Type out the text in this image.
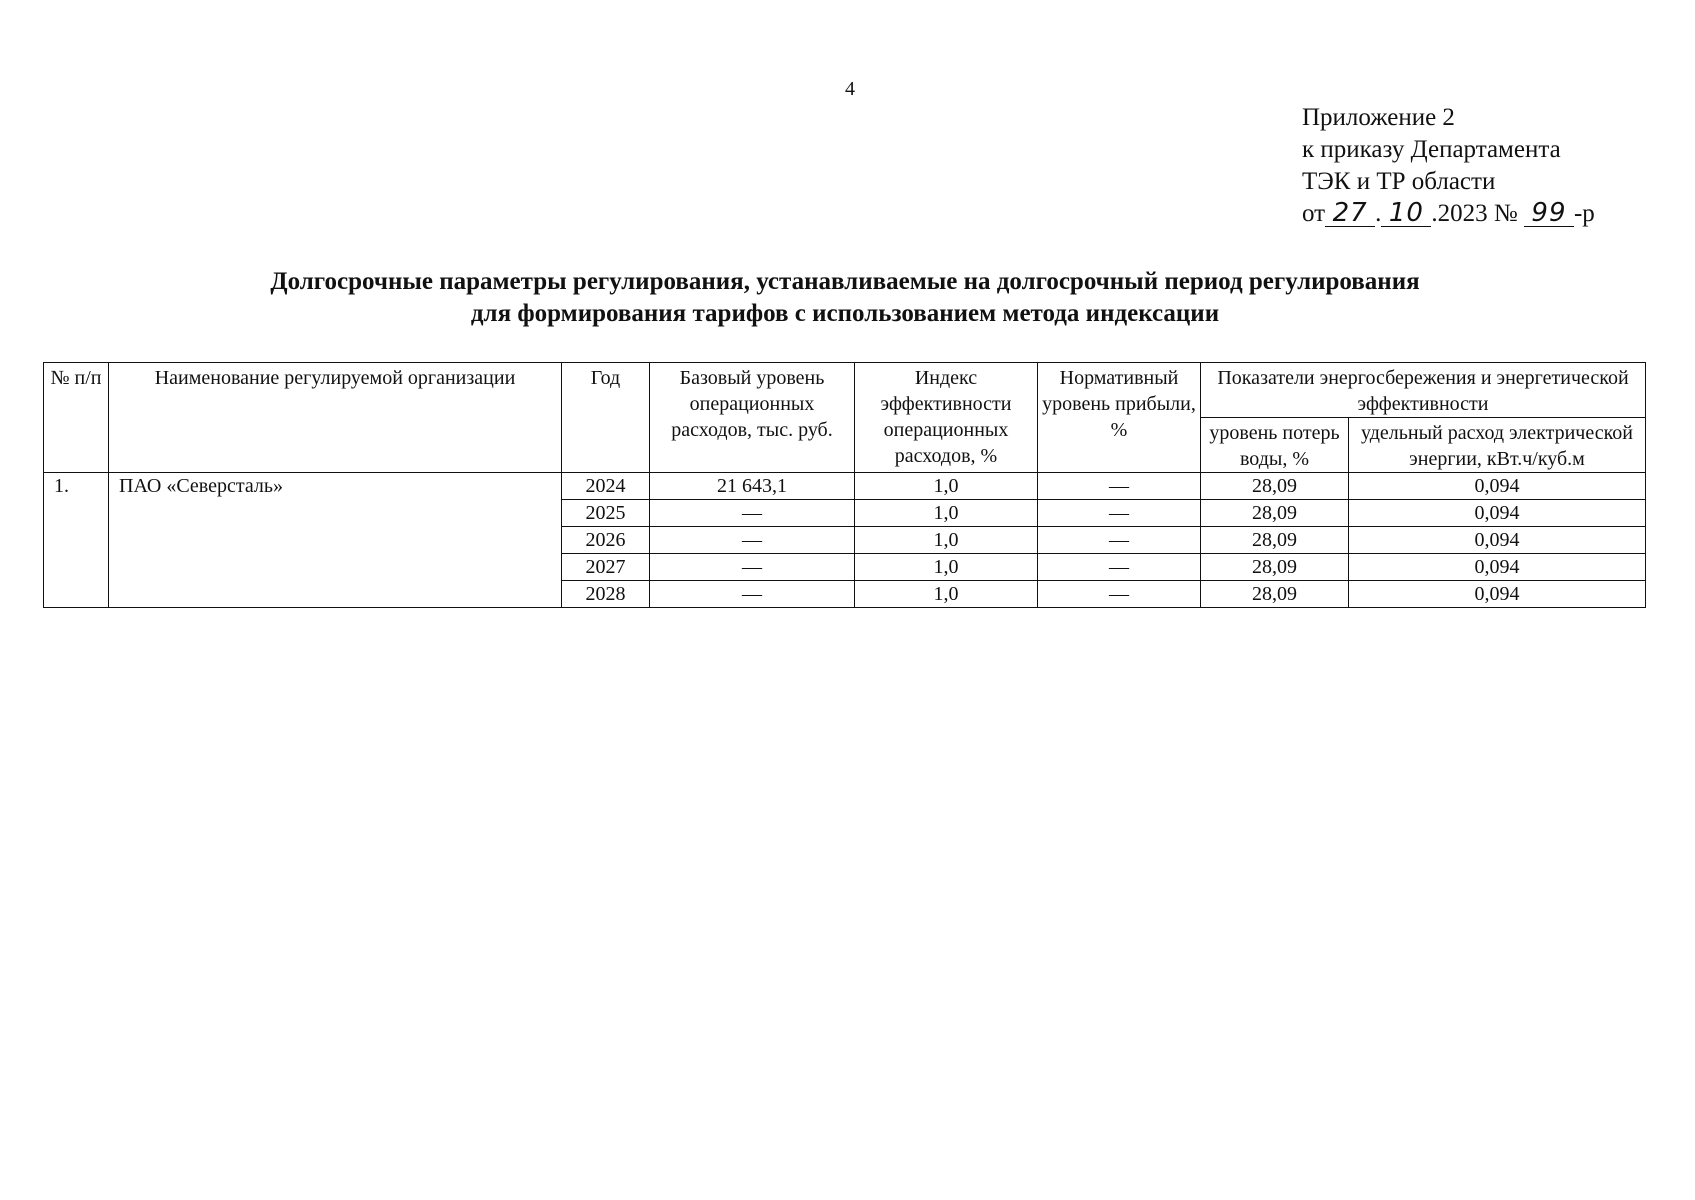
4
Приложение 2
к приказу Департамента
ТЭК и ТР области
от 27 . 10 .2023 № 99 -р
Долгосрочные параметры регулирования, устанавливаемые на долгосрочный период регулирования
для формирования тарифов с использованием метода индексации
№ п/п	Наименование регулируемой организации	Год	Базовый уровень операционных расходов, тыс. руб.	Индекс эффективности операционных расходов, %	Нормативный уровень прибыли, %	Показатели энергосбережения и энергетической эффективности	
						уровень потерь воды, %	удельный расход электрической энергии, кВт.ч/куб.м
1.	ПАО «Северсталь»	2024	21 643,1	1,0	—	28,09	0,094
		2025	—	1,0	—	28,09	0,094
		2026	—	1,0	—	28,09	0,094
		2027	—	1,0	—	28,09	0,094
		2028	—	1,0	—	28,09	0,094
